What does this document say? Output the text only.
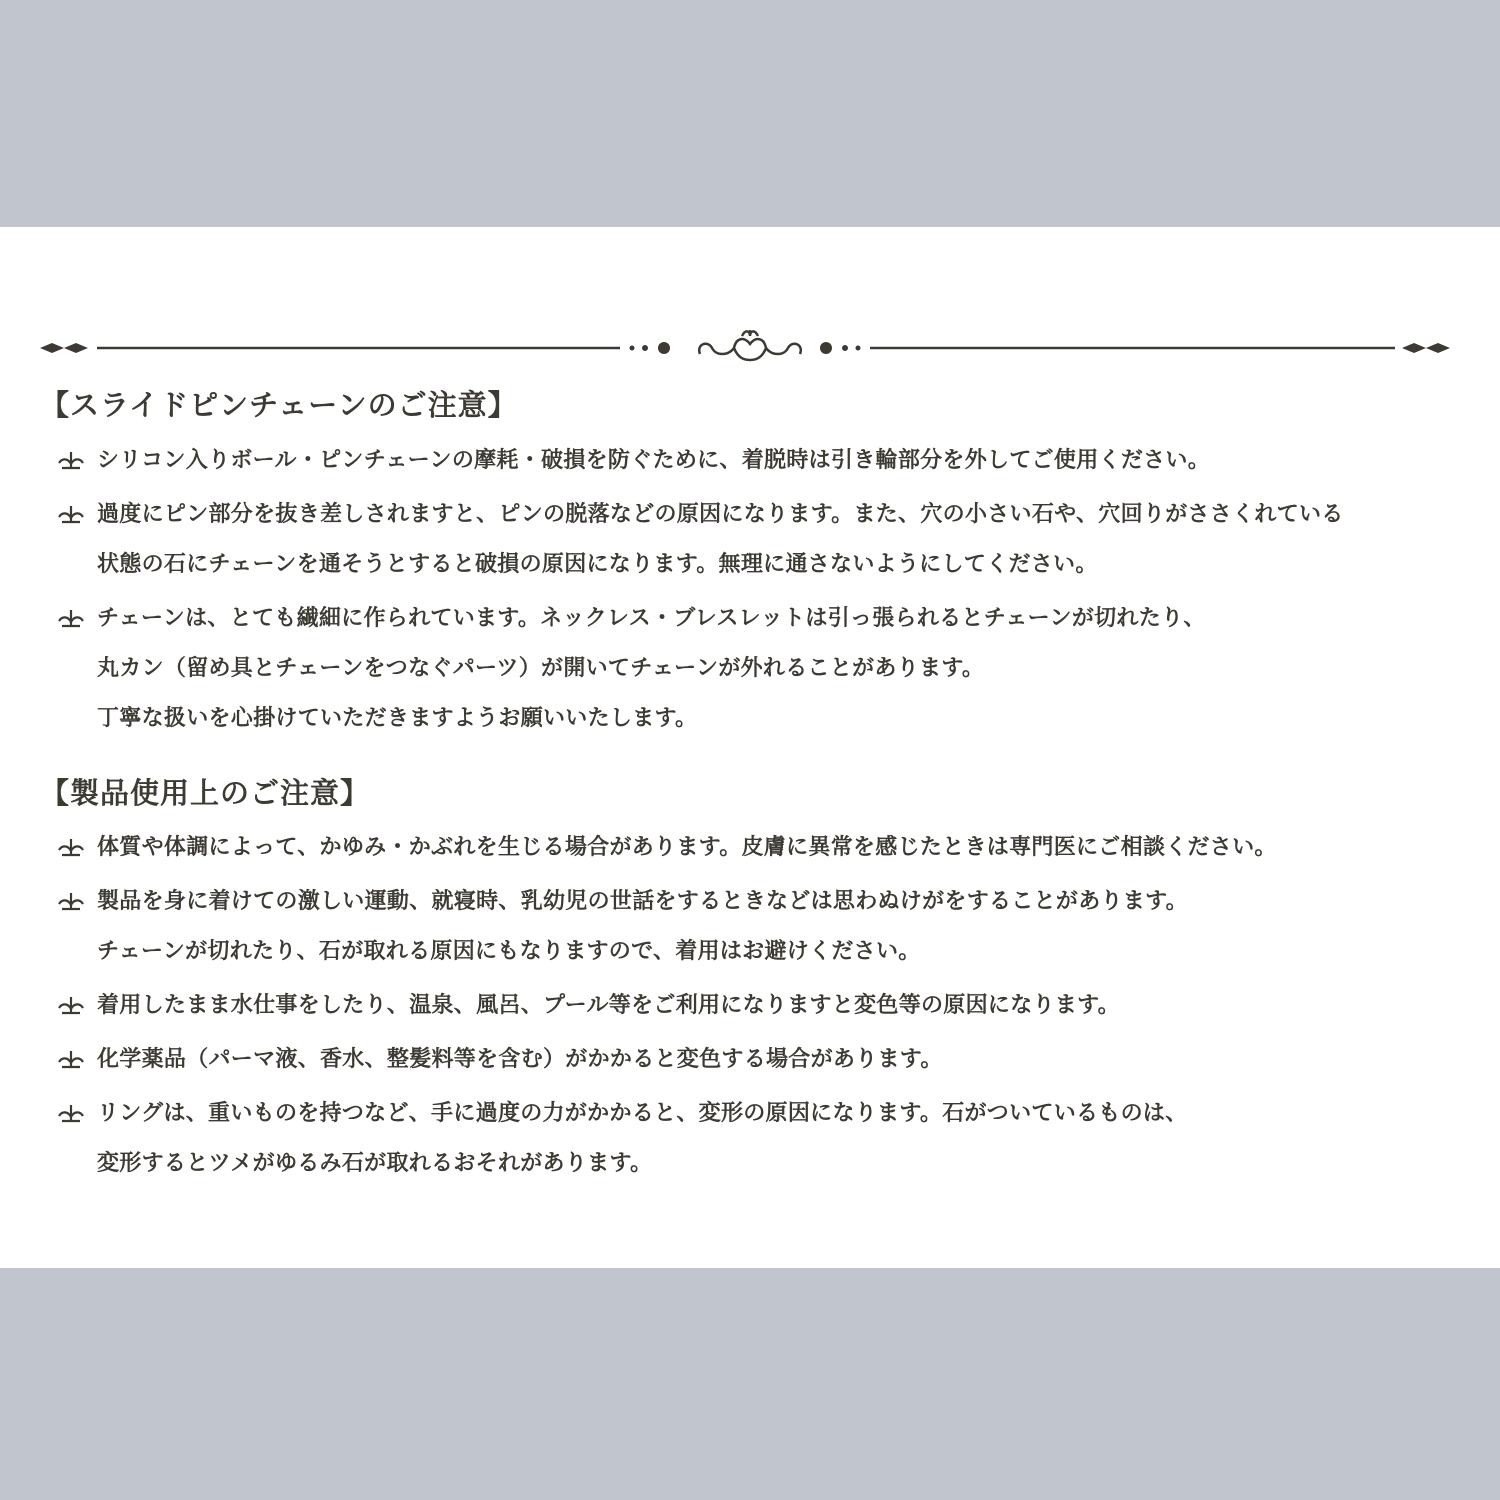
【スライドピンチェーンのご注意】
シリコン入りボール・ピンチェーンの摩耗・破損を防ぐために、着脱時は引き輪部分を外してご使用ください。
過度にピン部分を抜き差しされますと、ピンの脱落などの原因になります。また、穴の小さい石や、穴回りがささくれている
状態の石にチェーンを通そうとすると破損の原因になります。無理に通さないようにしてください。
チェーンは、とても繊細に作られています。ネックレス・ブレスレットは引っ張られるとチェーンが切れたり、
丸カン（留め具とチェーンをつなぐパーツ）が開いてチェーンが外れることがあります。
丁寧な扱いを心掛けていただきますようお願いいたします。
【製品使用上のご注意】
体質や体調によって、かゆみ・かぶれを生じる場合があります。皮膚に異常を感じたときは専門医にご相談ください。
製品を身に着けての激しい運動、就寝時、乳幼児の世話をするときなどは思わぬけがをすることがあります。
チェーンが切れたり、石が取れる原因にもなりますので、着用はお避けください。
着用したまま水仕事をしたり、温泉、風呂、プール等をご利用になりますと変色等の原因になります。
化学薬品（パーマ液、香水、整髪料等を含む）がかかると変色する場合があります。
リングは、重いものを持つなど、手に過度の力がかかると、変形の原因になります。石がついているものは、
変形するとツメがゆるみ石が取れるおそれがあります。
